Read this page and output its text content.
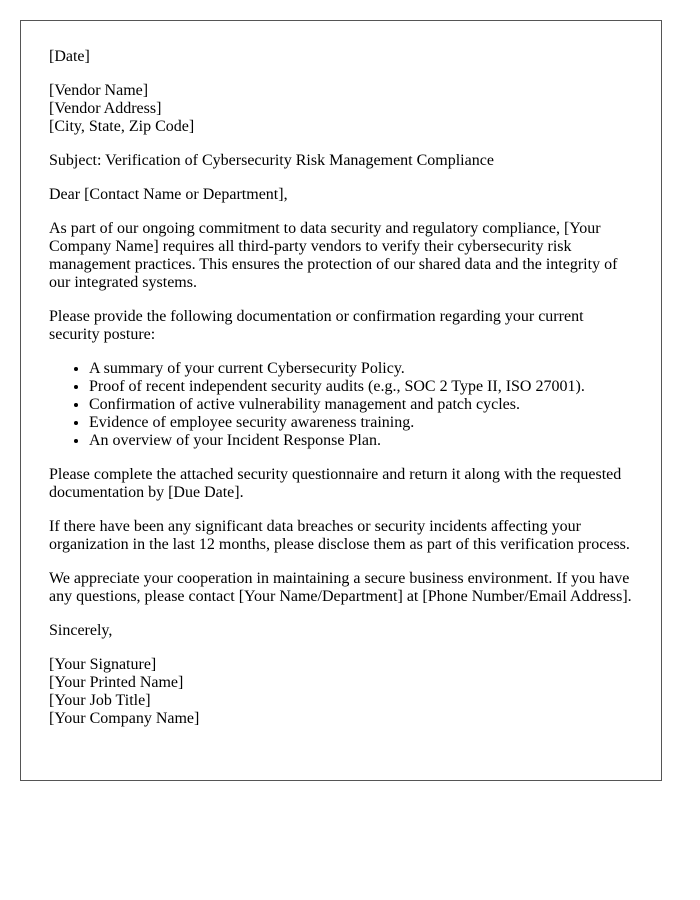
[Date]

[Vendor Name]
[Vendor Address]
[City, State, Zip Code]

Subject: Verification of Cybersecurity Risk Management Compliance

Dear [Contact Name or Department],

As part of our ongoing commitment to data security and regulatory compliance, [Your Company Name] requires all third-party vendors to verify their cybersecurity risk management practices. This ensures the protection of our shared data and the integrity of our integrated systems.

Please provide the following documentation or confirmation regarding your current security posture:

• A summary of your current Cybersecurity Policy.
• Proof of recent independent security audits (e.g., SOC 2 Type II, ISO 27001).
• Confirmation of active vulnerability management and patch cycles.
• Evidence of employee security awareness training.
• An overview of your Incident Response Plan.

Please complete the attached security questionnaire and return it along with the requested documentation by [Due Date].

If there have been any significant data breaches or security incidents affecting your organization in the last 12 months, please disclose them as part of this verification process.

We appreciate your cooperation in maintaining a secure business environment. If you have any questions, please contact [Your Name/Department] at [Phone Number/Email Address].

Sincerely,

[Your Signature]
[Your Printed Name]
[Your Job Title]
[Your Company Name]
